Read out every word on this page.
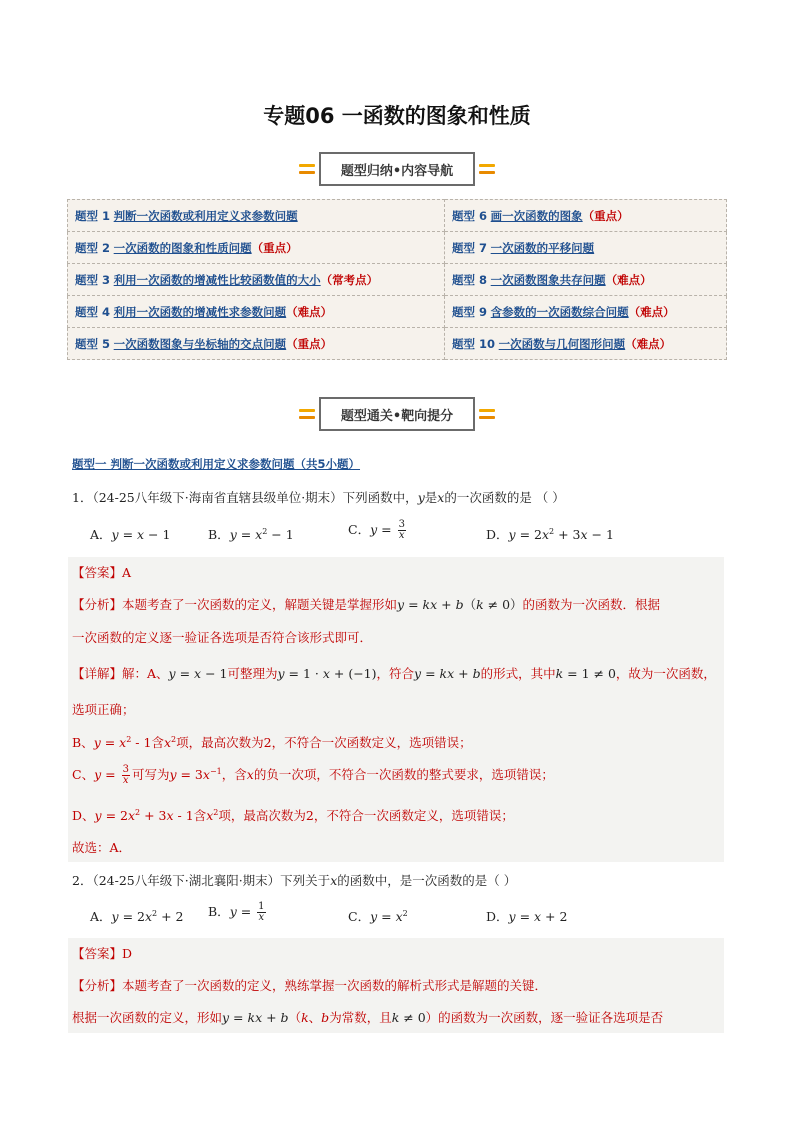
专题06 一函数的图象和性质
题型归纳•内容导航
题型 1 判断一次函数或利用定义求参数问题	题型 6 画一次函数的图象（重点）
题型 2 一次函数的图象和性质问题（重点）	题型 7 一次函数的平移问题
题型 3 利用一次函数的增减性比较函数值的大小（常考点）	题型 8 一次函数图象共存问题（难点）
题型 4 利用一次函数的增减性求参数问题（难点）	题型 9 含参数的一次函数综合问题（难点）
题型 5 一次函数图象与坐标轴的交点问题（重点）	题型 10 一次函数与几何图形问题（难点）
题型通关•靶向提分
题型一 判断一次函数或利用定义求参数问题（共5小题）
1．（24-25八年级下·海南省直辖县级单位·期末）下列函数中，y是x的一次函数的是 （ ）
A．y = x − 1	B．$y = x^2 - 1$	C．$y = \frac{3}{x}$	D．$y = 2x^2 + 3x - 1$
【答案】A
【分析】本题考查了一次函数的定义，解题关键是掌握形如y = kx + b（k ≠ 0）的函数为一次函数．根据
一次函数的定义逐一验证各选项是否符合该形式即可．
【详解】解：A、y = x − 1可整理为y = 1 · x + (−1)，符合y = kx + b的形式，其中k = 1 ≠ 0，故为一次函数，
选项正确；
B、$y = x^2 - 1$含$x^2$项，最高次数为2，不符合一次函数定义，选项错误；
C、$y = \frac{3}{x}$ 可写为$y = 3x^{-1}$，含x的负一次项，不符合一次函数的整式要求，选项错误；
D、$y = 2x^2 + 3x - 1$含$x^2$项，最高次数为2，不符合一次函数定义，选项错误；
故选：A．
2．（24-25八年级下·湖北襄阳·期末）下列关于x的函数中，是一次函数的是（ ）
A．$y = 2x^2 + 2$ B．$y = \frac{1}{x}$	C．$y = x^2$	D．y = x + 2
【答案】D
【分析】本题考查了一次函数的定义，熟练掌握一次函数的解析式形式是解题的关键．
根据一次函数的定义，形如y = kx + b（k、b为常数，且k ≠ 0）的函数为一次函数，逐一验证各选项是否
